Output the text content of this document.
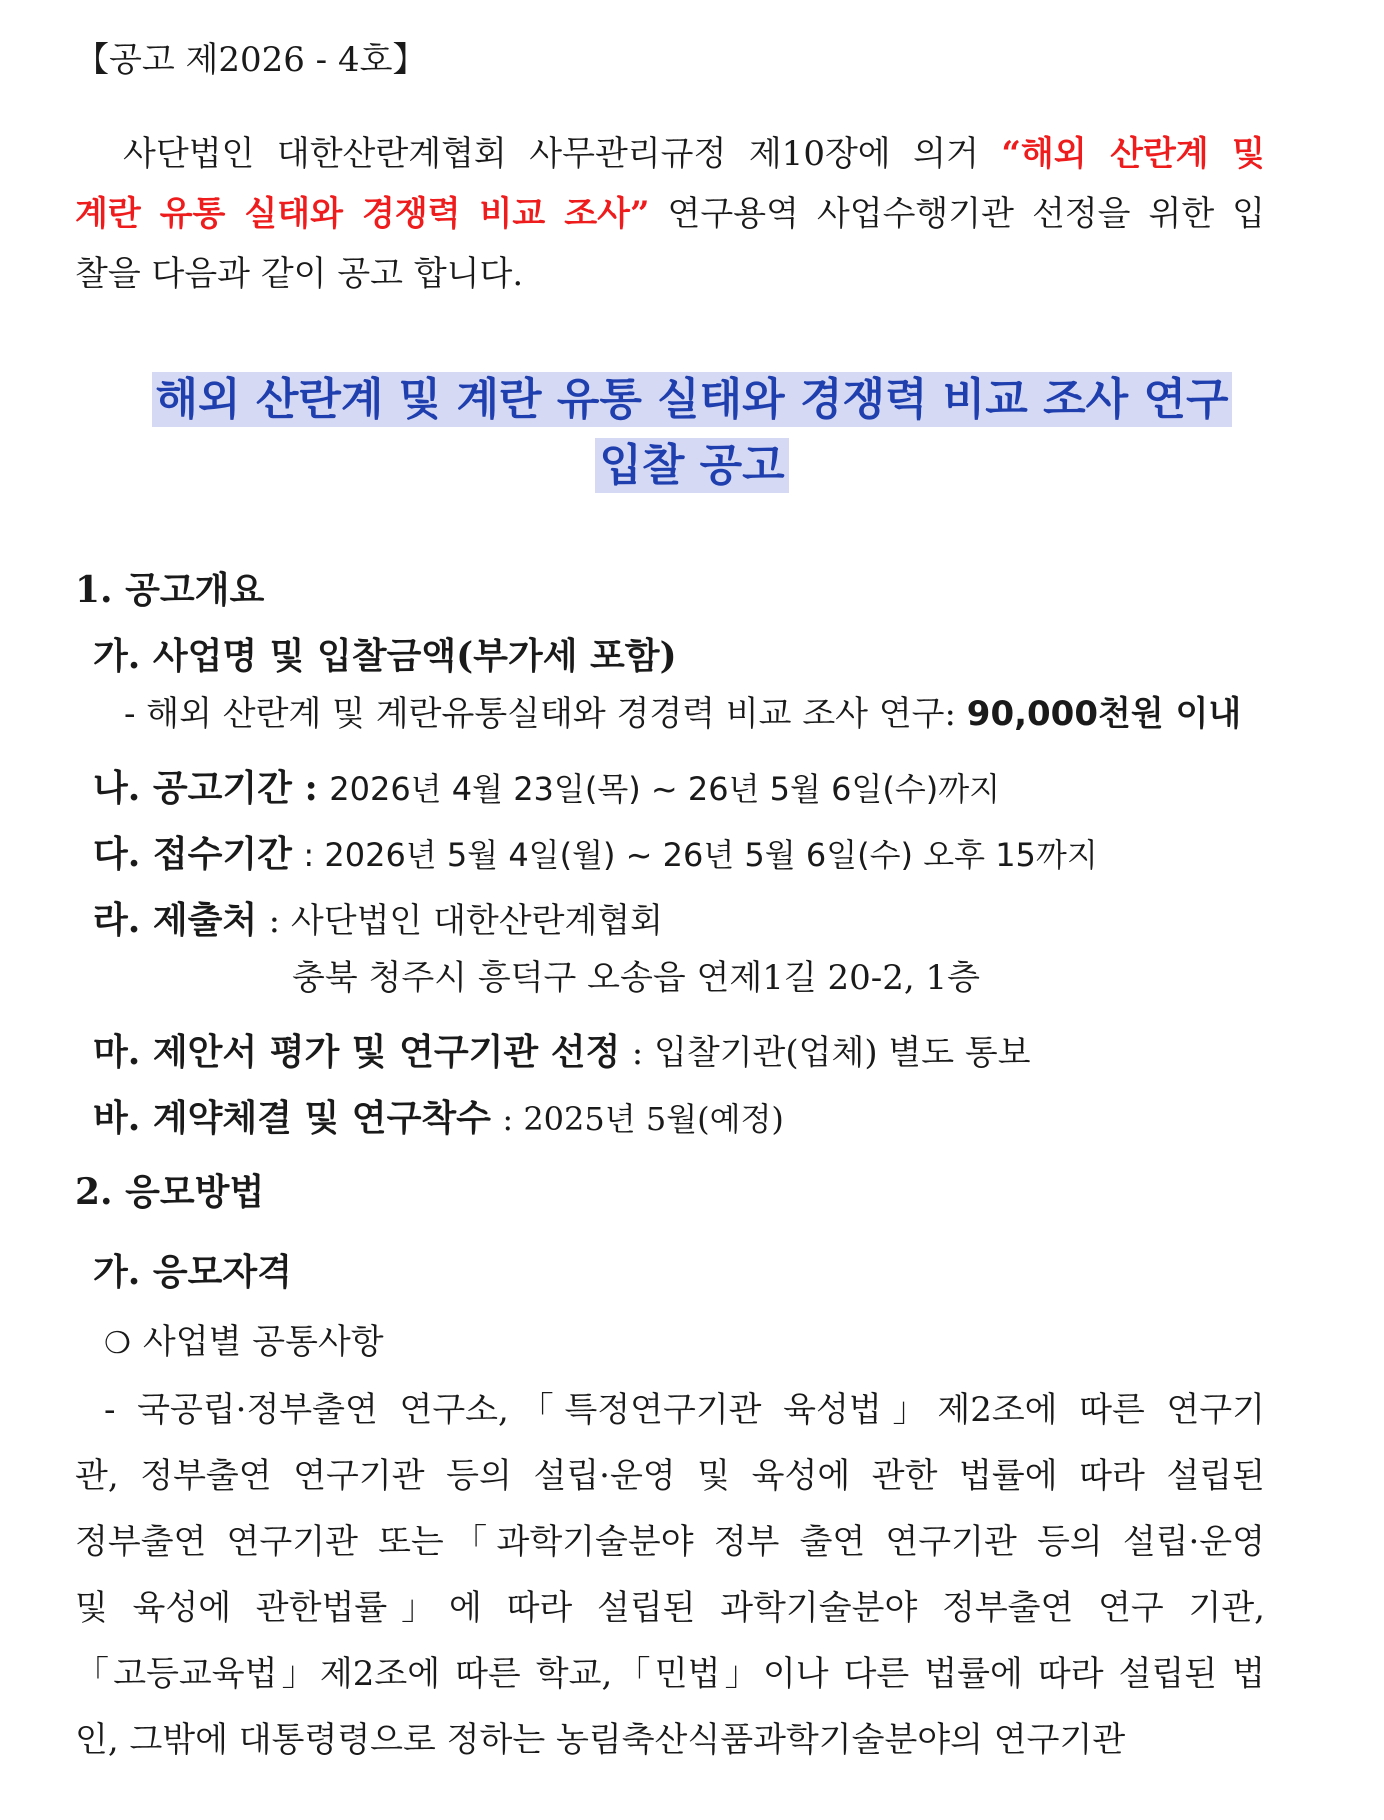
【공고 제2026 - 4호】
사단법인 대한산란계협회 사무관리규정 제10장에 의거 “해외 산란계 및
계란 유통 실태와 경쟁력 비교 조사” 연구용역 사업수행기관 선정을 위한 입
찰을 다음과 같이 공고 합니다.
해외 산란계 및 계란 유통 실태와 경쟁력 비교 조사 연구
입찰 공고
1. 공고개요
가. 사업명 및 입찰금액(부가세 포함)
- 해외 산란계 및 계란유통실태와 경경력 비교 조사 연구: 90,000천원 이내
나. 공고기간 : 2026년 4월 23일(목) ~ 26년 5월 6일(수)까지
다. 접수기간 : 2026년 5월 4일(월) ~ 26년 5월 6일(수) 오후 15까지
라. 제출처 : 사단법인 대한산란계협회
충북 청주시 흥덕구 오송읍 연제1길 20-2, 1층
마. 제안서 평가 및 연구기관 선정 : 입찰기관(업체) 별도 통보
바. 계약체결 및 연구착수 : 2025년 5월(예정)
2. 응모방법
가. 응모자격
❍ 사업별 공통사항
- 국공립·정부출연 연구소,「특정연구기관 육성법」제2조에 따른 연구기
관, 정부출연 연구기관 등의 설립·운영 및 육성에 관한 법률에 따라 설립된
정부출연 연구기관 또는「과학기술분야 정부 출연 연구기관 등의 설립·운영
및 육성에 관한법률」에 따라 설립된 과학기술분야 정부출연 연구 기관,
「고등교육법」제2조에 따른 학교,「민법」이나 다른 법률에 따라 설립된 법
인, 그밖에 대통령령으로 정하는 농림축산식품과학기술분야의 연구기관
